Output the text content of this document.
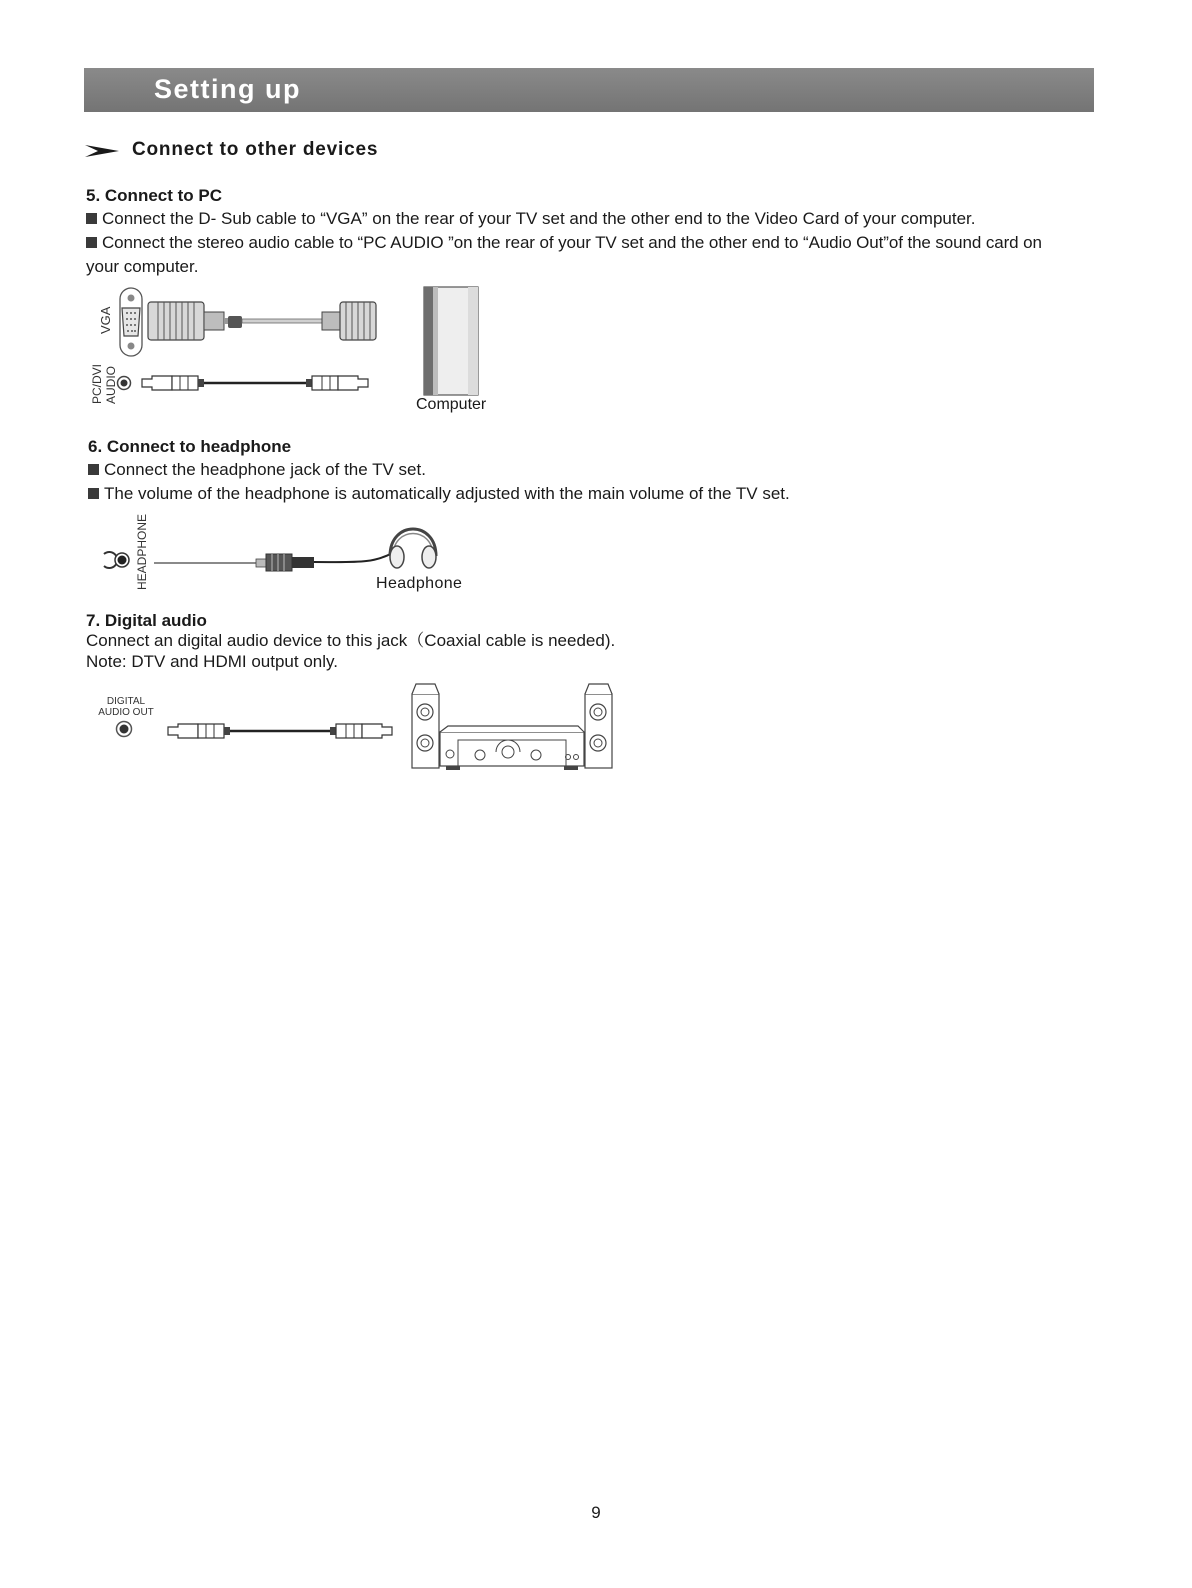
Setting up
Connect to other devices
5. Connect to PC
Connect the D- Sub cable to “VGA” on the rear of your TV set and the other end to the Video Card of your computer.
Connect the stereo audio cable to “PC AUDIO ”on the rear of your TV set and the other end to “Audio Out”of the sound card on
your computer.
VGA
PC/DVI AUDIO
Computer
6. Connect to headphone
Connect the headphone jack of the TV set.
The volume of the headphone is automatically adjusted with the main volume of the TV set.
HEADPHONE	Headphone
7. Digital audio
Connect an digital audio device to this jack（Coaxial cable is needed).
Note: DTV and HDMI output only.
DIGITAL
AUDIO OUT
9
